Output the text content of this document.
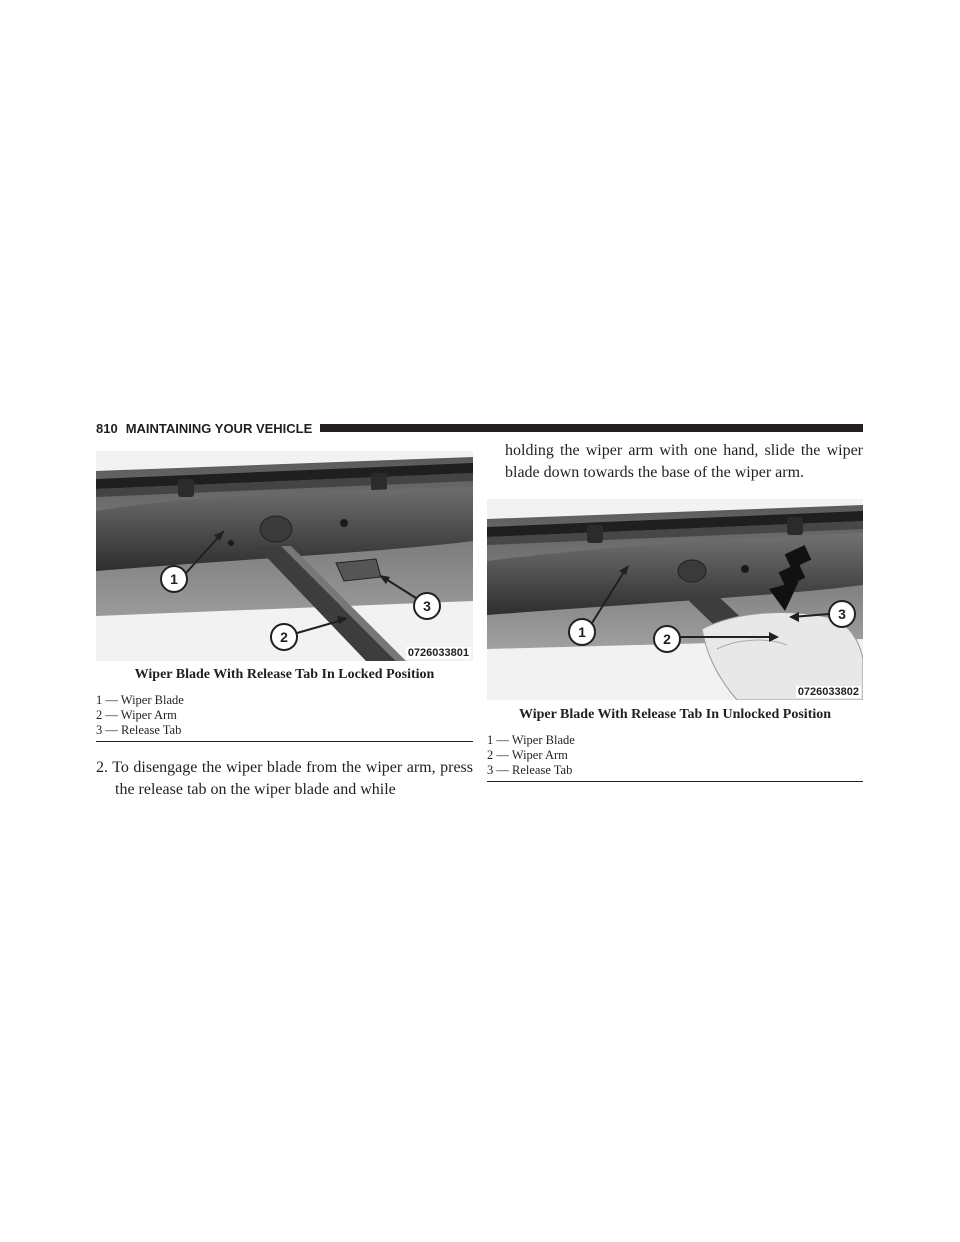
810 MAINTAINING YOUR VEHICLE
1
2
3
0726033801
Wiper Blade With Release Tab In Locked Position
1 — Wiper Blade
2 — Wiper Arm
3 — Release Tab
2. To disengage the wiper blade from the wiper arm, press the release tab on the wiper blade and while
holding the wiper arm with one hand, slide the wiper blade down towards the base of the wiper arm.
1	2
3
0726033802
Wiper Blade With Release Tab In Unlocked Position
1 — Wiper Blade
2 — Wiper Arm
3 — Release Tab
